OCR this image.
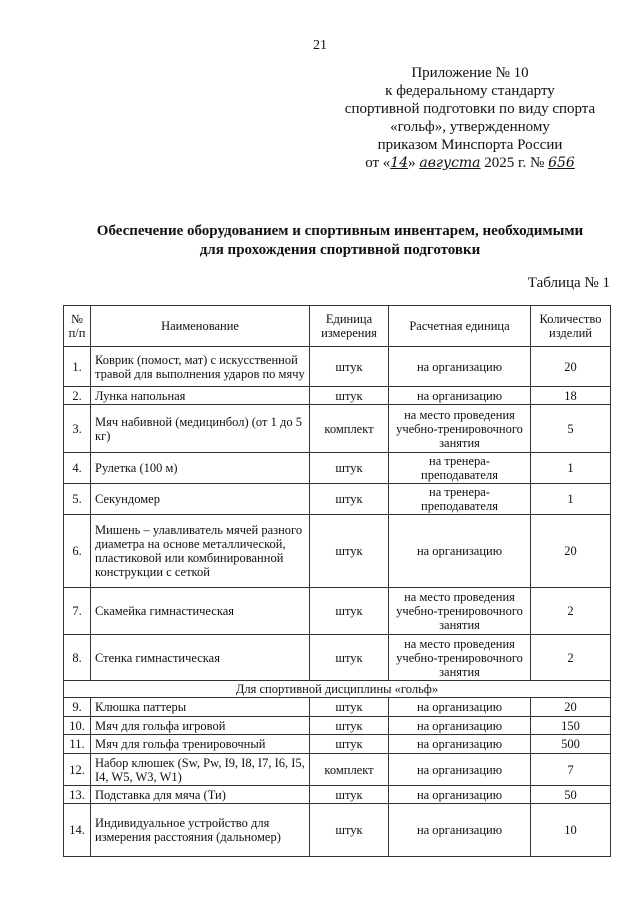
21
Приложение № 10
к федеральному стандарту
спортивной подготовки по виду спорта
«гольф», утвержденному
приказом Минспорта России
от «14» августа 2025 г. № 656
Обеспечение оборудованием и спортивным инвентарем, необходимыми
для прохождения спортивной подготовки
Таблица № 1
№ п/п	Наименование	Единица измерения	Расчетная единица	Количество изделий
1.	Коврик (помост, мат) с искусственной травой для выполнения ударов по мячу	штук	на организацию	20
2.	Лунка напольная	штук	на организацию	18
3.	Мяч набивной (медицинбол) (от 1 до 5 кг)	комплект	на место проведения учебно-тренировочного занятия	5
4.	Рулетка (100 м)	штук	на тренера-преподавателя	1
5.	Секундомер	штук	на тренера-преподавателя	1
6.	Мишень – улавливатель мячей разного диаметра на основе металлической, пластиковой или комбинированной конструкции с сеткой	штук	на организацию	20
7.	Скамейка гимнастическая	штук	на место проведения учебно-тренировочного занятия	2
8.	Стенка гимнастическая	штук	на место проведения учебно-тренировочного занятия	2
Для спортивной дисциплины «гольф»				
9.	Клюшка паттеры	штук	на организацию	20
10.	Мяч для гольфа игровой	штук	на организацию	150
11.	Мяч для гольфа тренировочный	штук	на организацию	500
12.	Набор клюшек (Sw, Pw, I9, I8, I7, I6, I5, I4, W5, W3, W1)	комплект	на организацию	7
13.	Подставка для мяча (Ти)	штук	на организацию	50
14.	Индивидуальное устройство для измерения расстояния (дальномер)	штук	на организацию	10
